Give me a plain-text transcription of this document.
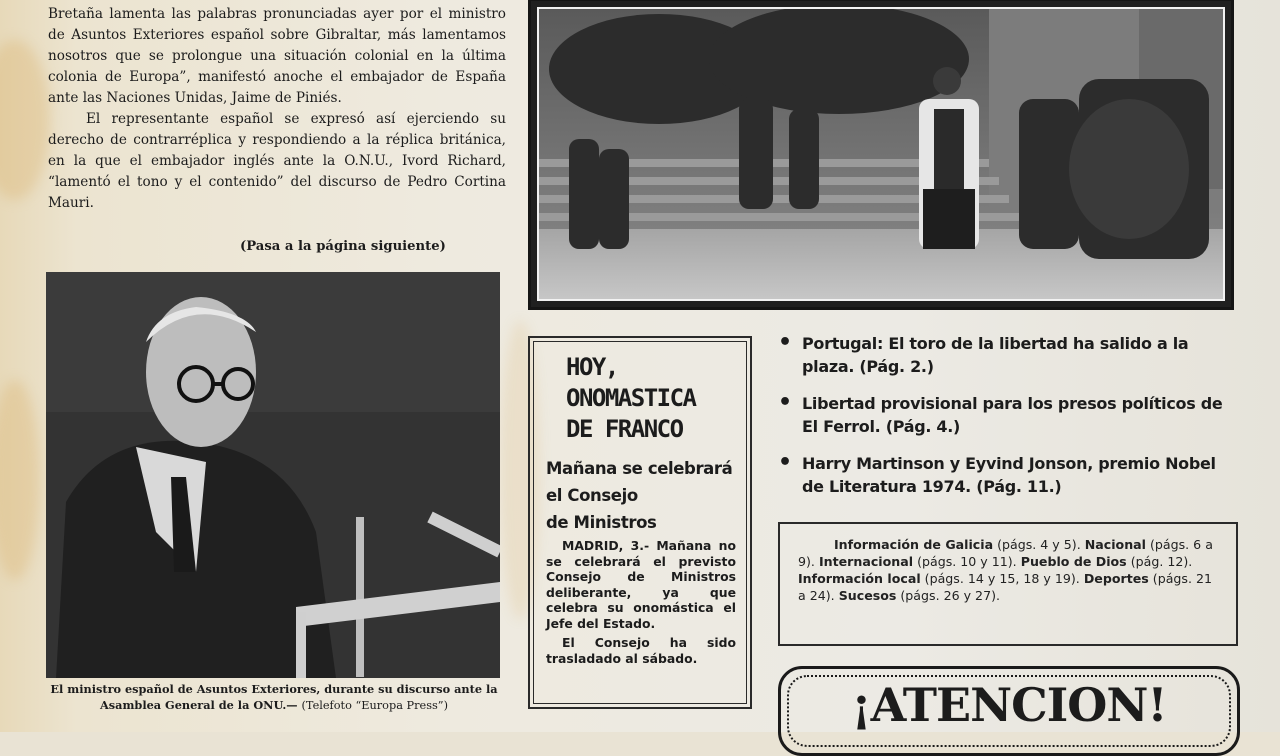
Bretaña lamenta las palabras pronunciadas ayer por el ministro de Asuntos Exteriores español sobre Gibraltar, más lamentamos nosotros que se prolongue una situación colonial en la última colonia de Europa”, manifestó anoche el embajador de España ante las Naciones Unidas, Jaime de Piniés.

El representante español se expresó así ejerciendo su derecho de contrarréplica y respondiendo a la réplica británica, en la que el embajador inglés ante la O.N.U., Ivord Richard, “lamentó el tono y el contenido” del discurso de Pedro Cortina Mauri.

(Pasa a la página siguiente)
El ministro español de Asuntos Exteriores, durante su discurso ante la Asamblea General de la ONU.— (Telefoto “Europa Press”)
HOY,
ONOMASTICA
DE FRANCO
Mañana se celebrará
el Consejo
de Ministros

MADRID, 3.- Mañana no se celebrará el previsto Consejo de Ministros deliberante, ya que celebra su onomástica el Jefe del Estado.

El Consejo ha sido trasladado al sábado.

• Portugal: El toro de la libertad ha salido a la plaza. (Pág. 2.)
• Libertad provisional para los presos políticos de El Ferrol. (Pág. 4.)
• Harry Martinson y Eyvind Jonson, premio Nobel de Literatura 1974. (Pág. 11.)

Información de Galicia (págs. 4 y 5). Nacional (págs. 6 a 9). Internacional (págs. 10 y 11). Pueblo de Dios (pág. 12). Información local (págs. 14 y 15, 18 y 19). Deportes (págs. 21 a 24). Sucesos (págs. 26 y 27).

¡ATENCION!
